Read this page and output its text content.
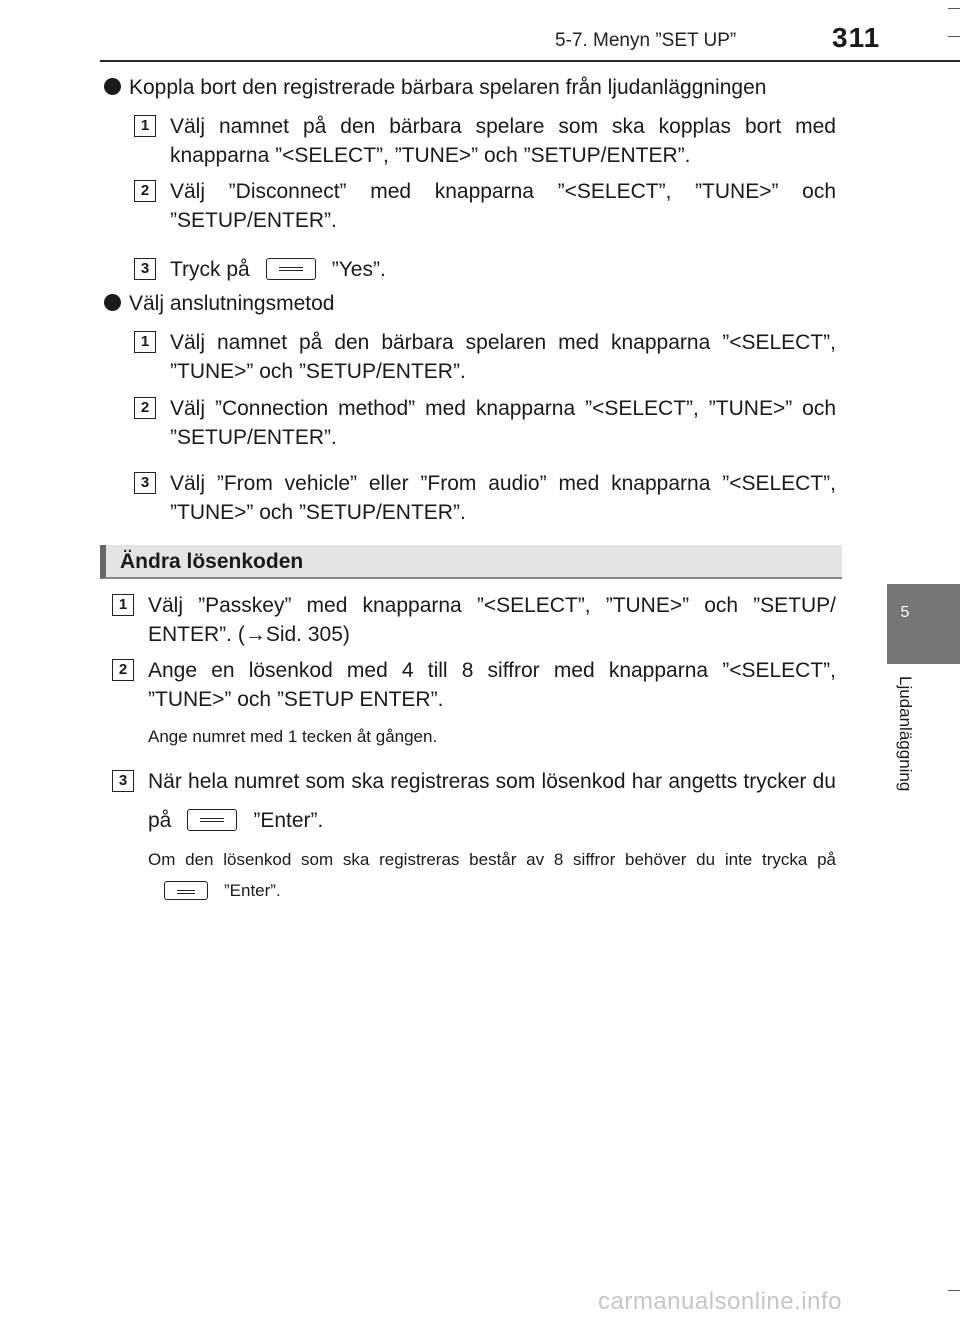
5-7. Menyn ”SET UP”	311
5
Ljudanläggning
Koppla bort den registrerade bärbara spelaren från ljudanläggningen
1 Välj namnet på den bärbara spelare som ska kopplas bort med knapparna ”<SELECT”, ”TUNE>” och ”SETUP/ENTER”.
2 Välj ”Disconnect” med knapparna ”<SELECT”, ”TUNE>” och ”SETUP/ENTER”.
3 Tryck på	”Yes”.
Välj anslutningsmetod
1 Välj namnet på den bärbara spelaren med knapparna ”<SELECT”, ”TUNE>” och ”SETUP/ENTER”.
2 Välj ”Connection method” med knapparna ”<SELECT”, ”TUNE>” och ”SETUP/ENTER”.
3 Välj ”From vehicle” eller ”From audio” med knapparna ”<SELECT”, ”TUNE>” och ”SETUP/ENTER”.
Ändra lösenkoden
1 Välj ”Passkey” med knapparna ”<SELECT”, ”TUNE>” och ”SETUP/ ENTER”. (→Sid. 305)
2 Ange en lösenkod med 4 till 8 siffror med knapparna ”<SELECT”, ”TUNE>” och ”SETUP ENTER”.
Ange numret med 1 tecken åt gången.
3 När hela numret som ska registreras som lösenkod har angetts trycker du på	”Enter”.
Om den lösenkod som ska registreras består av 8 siffror behöver du inte trycka på”Enter”.
carmanualsonline.info
